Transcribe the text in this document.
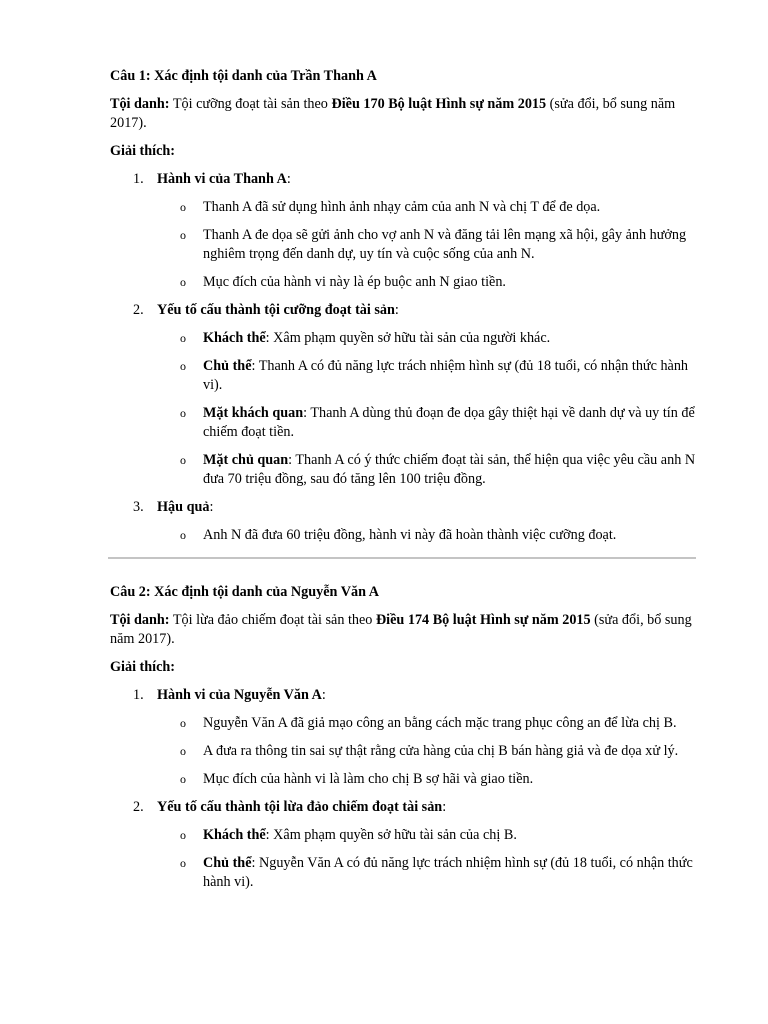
Câu 1: Xác định tội danh của Trần Thanh A

Tội danh: Tội cưỡng đoạt tài sản theo Điều 170 Bộ luật Hình sự năm 2015 (sửa đổi, bổ sung năm 2017).

Giải thích:

1. Hành vi của Thanh A:
o Thanh A đã sử dụng hình ảnh nhạy cảm của anh N và chị T để đe dọa.
o Thanh A đe dọa sẽ gửi ảnh cho vợ anh N và đăng tải lên mạng xã hội, gây ảnh hưởng nghiêm trọng đến danh dự, uy tín và cuộc sống của anh N.
o Mục đích của hành vi này là ép buộc anh N giao tiền.
2. Yếu tố cấu thành tội cưỡng đoạt tài sản:
o Khách thể: Xâm phạm quyền sở hữu tài sản của người khác.
o Chủ thể: Thanh A có đủ năng lực trách nhiệm hình sự (đủ 18 tuổi, có nhận thức hành vi).
o Mặt khách quan: Thanh A dùng thủ đoạn đe dọa gây thiệt hại về danh dự và uy tín để chiếm đoạt tiền.
o Mặt chủ quan: Thanh A có ý thức chiếm đoạt tài sản, thể hiện qua việc yêu cầu anh N đưa 70 triệu đồng, sau đó tăng lên 100 triệu đồng.
3. Hậu quả:
o Anh N đã đưa 60 triệu đồng, hành vi này đã hoàn thành việc cưỡng đoạt.

Câu 2: Xác định tội danh của Nguyễn Văn A

Tội danh: Tội lừa đảo chiếm đoạt tài sản theo Điều 174 Bộ luật Hình sự năm 2015 (sửa đổi, bổ sung năm 2017).

Giải thích:

1. Hành vi của Nguyễn Văn A:
o Nguyễn Văn A đã giả mạo công an bằng cách mặc trang phục công an để lừa chị B.
o A đưa ra thông tin sai sự thật rằng cửa hàng của chị B bán hàng giả và đe dọa xử lý.
o Mục đích của hành vi là làm cho chị B sợ hãi và giao tiền.
2. Yếu tố cấu thành tội lừa đảo chiếm đoạt tài sản:
o Khách thể: Xâm phạm quyền sở hữu tài sản của chị B.
o Chủ thể: Nguyễn Văn A có đủ năng lực trách nhiệm hình sự (đủ 18 tuổi, có nhận thức hành vi).
